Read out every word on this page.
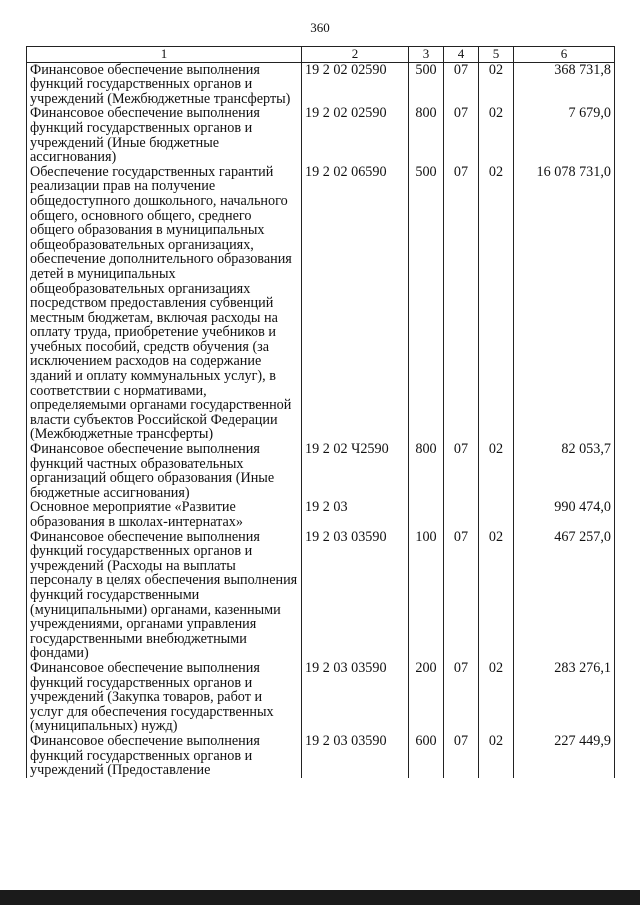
360
1	2	3	4	5	6
Финансовое обеспечение выполнения функций государственных органов и учреждений (Межбюджетные трансферты)	19 2 02 02590	500	07	02	368 731,8
Финансовое обеспечение выполнения функций государственных органов и учреждений (Иные бюджетные ассигнования)	19 2 02 02590	800	07	02	7 679,0
Обеспечение государственных гарантий реализации прав на получение общедоступного дошкольного, начального общего, основного общего, среднего общего образования в муниципальных общеобразовательных организациях, обеспечение дополнительного образования детей в муниципальных общеобразовательных организациях посредством предоставления субвенций местным бюджетам, включая расходы на оплату труда, приобретение учебников и учебных пособий, средств обучения (за исключением расходов на содержание зданий и оплату коммунальных услуг), в соответствии с нормативами, определяемыми органами государственной власти субъектов Российской Федерации (Межбюджетные трансферты)	19 2 02 06590	500	07	02	16 078 731,0
Финансовое обеспечение выполнения функций частных образовательных организаций общего образования (Иные бюджетные ассигнования)	19 2 02 Ч2590	800	07	02	82 053,7
Основное мероприятие «Развитие образования в школах-интернатах»	19 2 03				990 474,0
Финансовое обеспечение выполнения функций государственных органов и учреждений (Расходы на выплаты персоналу в целях обеспечения выполнения функций государственными (муниципальными) органами, казенными учреждениями, органами управления государственными внебюджетными фондами)	19 2 03 03590	100	07	02	467 257,0
Финансовое обеспечение выполнения функций государственных органов и учреждений (Закупка товаров, работ и услуг для обеспечения государственных (муниципальных) нужд)	19 2 03 03590	200	07	02	283 276,1
Финансовое обеспечение выполнения функций государственных органов и учреждений (Предоставление	19 2 03 03590	600	07	02	227 449,9
